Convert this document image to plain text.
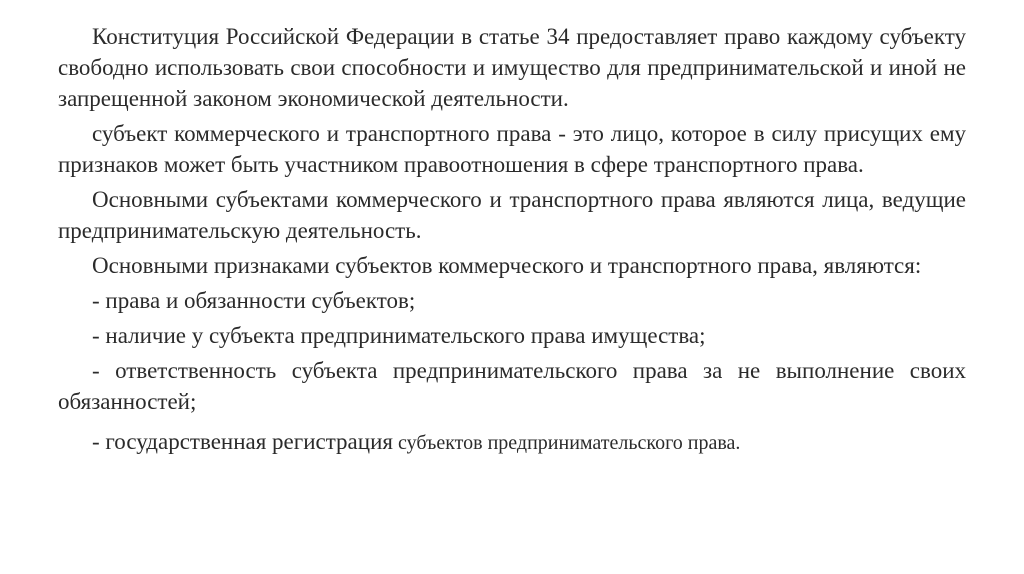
Конституция Российской Федерации в статье 34 предоставляет право каждому субъекту свободно использовать свои способности и имущество для предпринимательской и иной не запрещенной законом экономической деятельности.

субъект коммерческого и транспортного права - это лицо, которое в силу присущих ему признаков может быть участником правоотношения в сфере транспортного права.

Основными субъектами коммерческого и транспортного права являются лица, ведущие предпринимательскую деятельность.

Основными признаками субъектов коммерческого и транспортного права, являются:

- права и обязанности субъектов;

- наличие у субъекта предпринимательского права имущества;

- ответственность субъекта предпринимательского права за не выполнение своих обязанностей;

- государственная регистрация субъектов предпринимательского права.
